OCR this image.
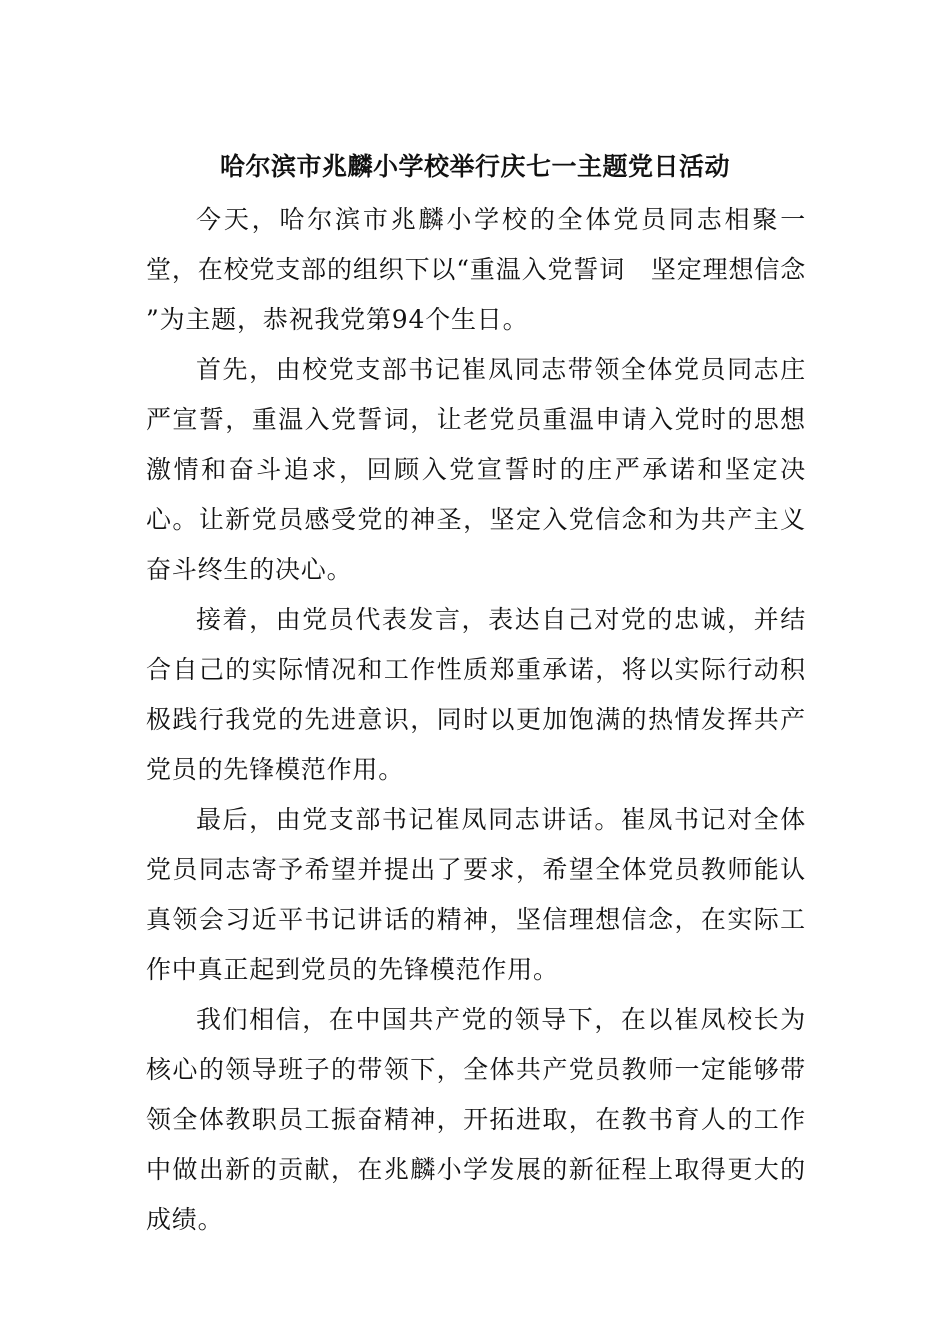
哈尔滨市兆麟小学校举行庆七一主题党日活动

今天，哈尔滨市兆麟小学校的全体党员同志相聚一堂，在校党支部的组织下以“重温入党誓词　坚定理想信念 ”为主题，恭祝我党第94个生日。

首先，由校党支部书记崔凤同志带领全体党员同志庄严宣誓，重温入党誓词，让老党员重温申请入党时的思想激情和奋斗追求，回顾入党宣誓时的庄严承诺和坚定决心。让新党员感受党的神圣，坚定入党信念和为共产主义奋斗终生的决心。

接着，由党员代表发言，表达自己对党的忠诚，并结合自己的实际情况和工作性质郑重承诺，将以实际行动积极践行我党的先进意识，同时以更加饱满的热情发挥共产党员的先锋模范作用。

最后，由党支部书记崔凤同志讲话。崔凤书记对全体党员同志寄予希望并提出了要求，希望全体党员教师能认真领会习近平书记讲话的精神，坚信理想信念，在实际工作中真正起到党员的先锋模范作用。

我们相信，在中国共产党的领导下，在以崔凤校长为核心的领导班子的带领下，全体共产党员教师一定能够带领全体教职员工振奋精神，开拓进取，在教书育人的工作中做出新的贡献，在兆麟小学发展的新征程上取得更大的成绩。
